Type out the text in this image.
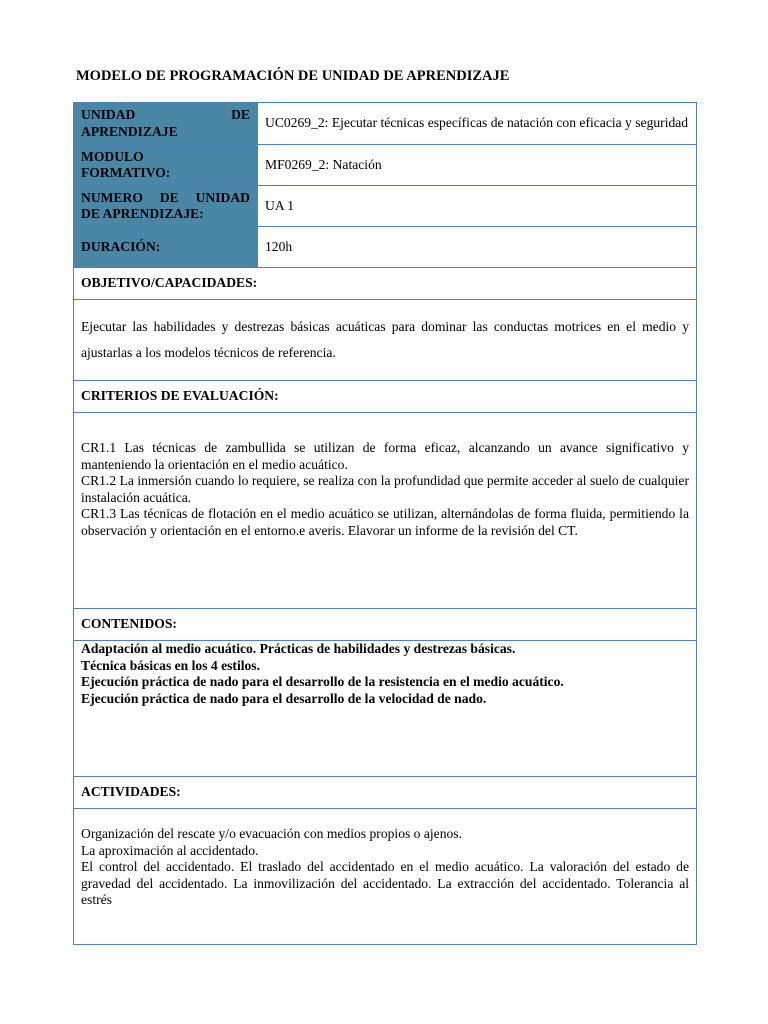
MODELO DE PROGRAMACIÓN DE UNIDAD DE APRENDIZAJE
UNIDAD DE
APRENDIZAJE	UC0269_2: Ejecutar técnicas específicas de natación con eficacia y seguridad

MODULO
FORMATIVO:	MF0269_2: Natación

NUMERO DE UNIDAD
DE APRENDIZAJE:	UA 1
DURACIÓN:	120h
OBJETIVO/CAPACIDADES:	
Ejecutar las habilidades y destrezas básicas acuáticas para dominar las conductas motrices en el medio y ajustarlas a los modelos técnicos de referencia.	
CRITERIOS DE EVALUACIÓN:	

CR1.1 Las técnicas de zambullida se utilizan de forma eficaz, alcanzando un avance significativo y manteniendo la orientación en el medio acuático.

CR1.2 La inmersión cuando lo requiere, se realiza con la profundidad que permite acceder al suelo de cualquier instalación acuática.

CR1.3 Las técnicas de flotación en el medio acuático se utilizan, alternándolas de forma fluida, permitiendo la observación y orientación en el entorno.e averis. Elavorar un informe de la revisión del CT.	

CONTENIDOS:	

Adaptación al medio acuático. Prácticas de habilidades y destrezas básicas.

Técnica básicas en los 4 estilos.

Ejecución práctica de nado para el desarrollo de la resistencia en el medio acuático.

Ejecución práctica de nado para el desarrollo de la velocidad de nado.	

ACTIVIDADES:	

Organización del rescate y/o evacuación con medios propios o ajenos.

La aproximación al accidentado.

El control del accidentado. El traslado del accidentado en el medio acuático. La valoración del estado de gravedad del accidentado. La inmovilización del accidentado. La extracción del accidentado. Tolerancia al estrés	
